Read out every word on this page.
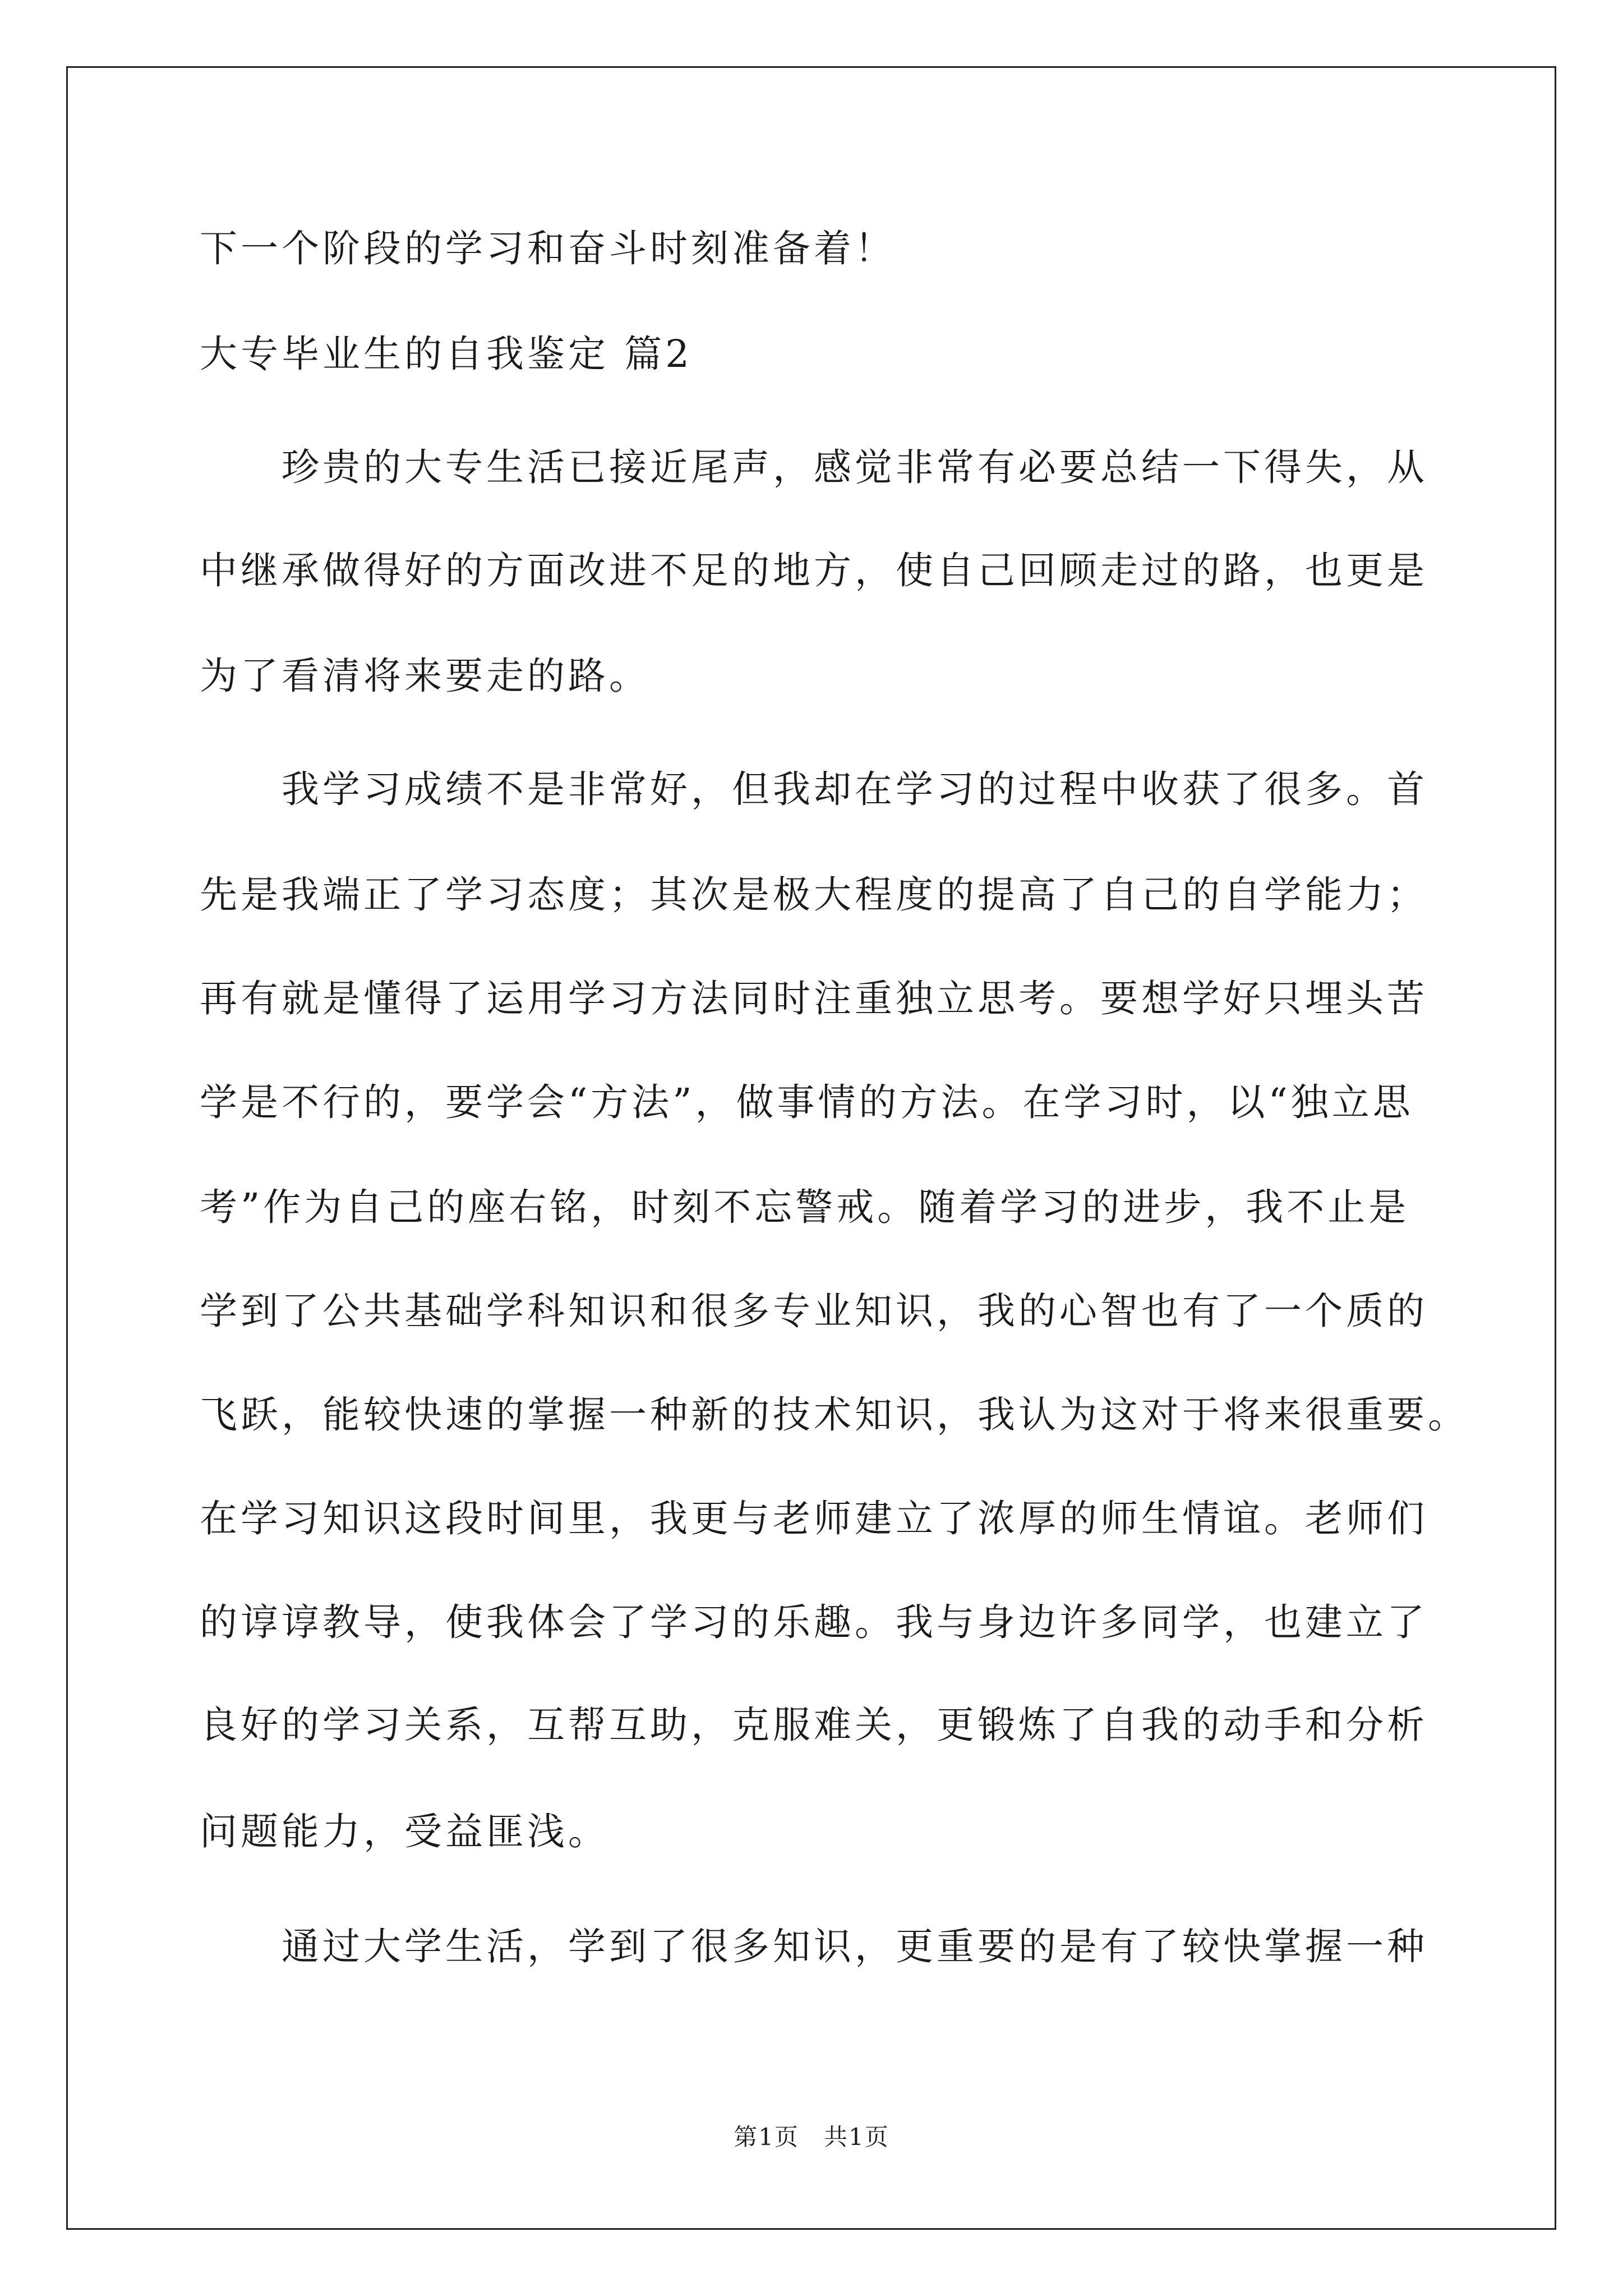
下一个阶段的学习和奋斗时刻准备着！
大专毕业生的自我鉴定 篇2
　　珍贵的大专生活已接近尾声，感觉非常有必要总结一下得失，从
中继承做得好的方面改进不足的地方，使自己回顾走过的路，也更是
为了看清将来要走的路。
　　我学习成绩不是非常好，但我却在学习的过程中收获了很多。首
先是我端正了学习态度；其次是极大程度的提高了自己的自学能力；
再有就是懂得了运用学习方法同时注重独立思考。要想学好只埋头苦
学是不行的，要学会“方法”，做事情的方法。在学习时，以“独立思
考”作为自己的座右铭，时刻不忘警戒。随着学习的进步，我不止是
学到了公共基础学科知识和很多专业知识，我的心智也有了一个质的
飞跃，能较快速的掌握一种新的技术知识，我认为这对于将来很重要。
在学习知识这段时间里，我更与老师建立了浓厚的师生情谊。老师们
的谆谆教导，使我体会了学习的乐趣。我与身边许多同学，也建立了
良好的学习关系，互帮互助，克服难关，更锻炼了自我的动手和分析
问题能力，受益匪浅。
　　通过大学生活，学到了很多知识，更重要的是有了较快掌握一种
第1页　共1页
